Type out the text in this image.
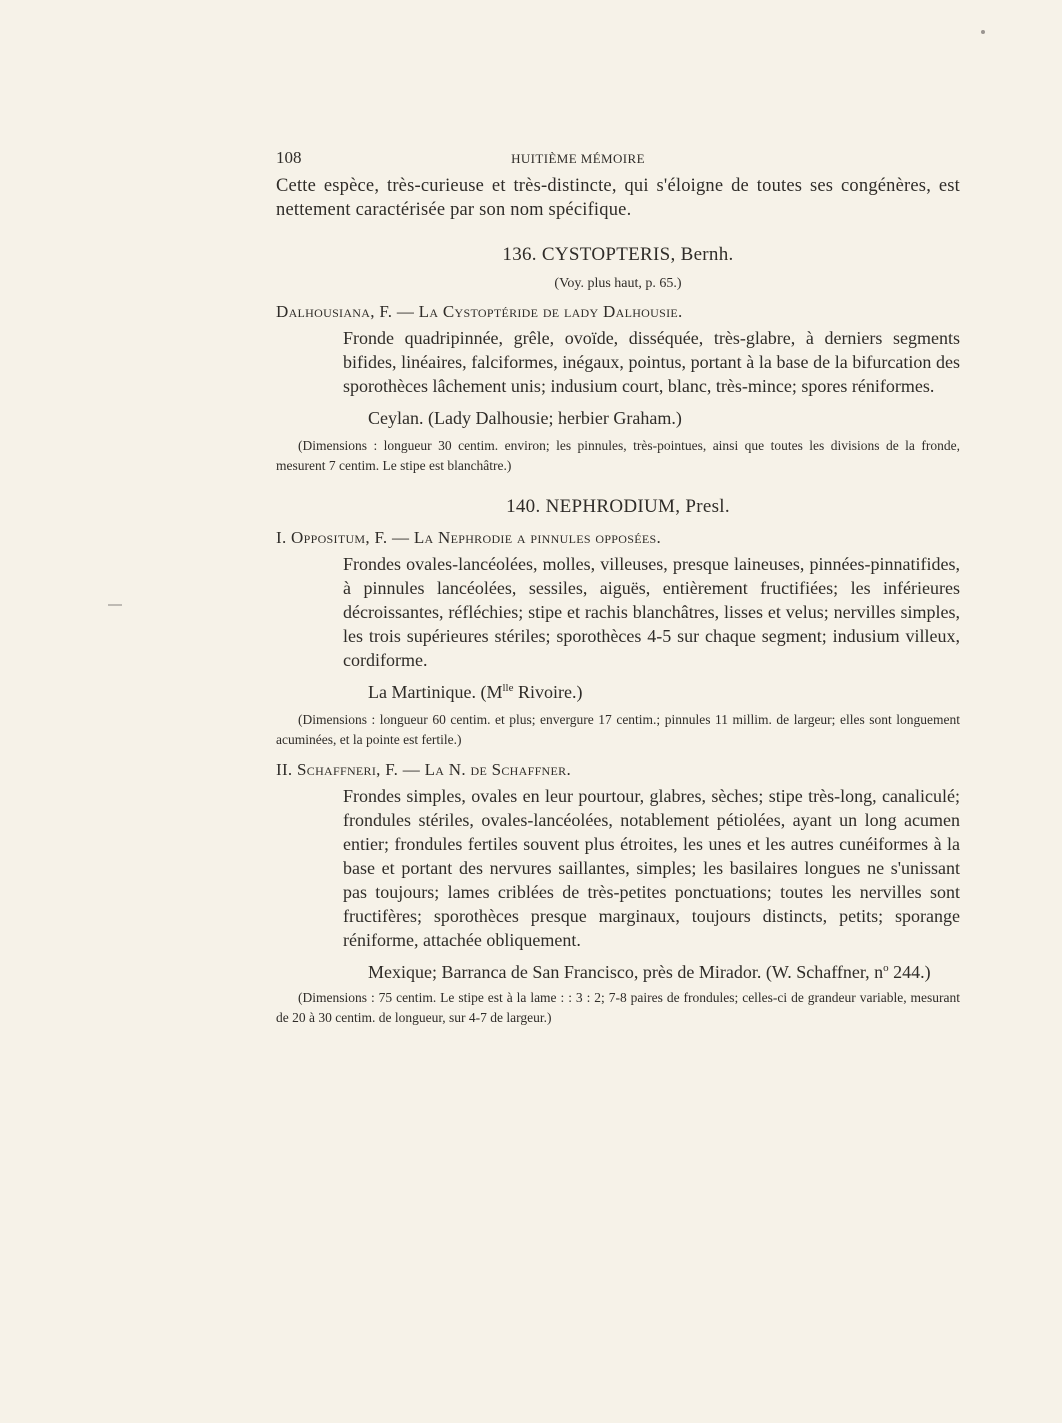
108	HUITIÈME MÉMOIRE

Cette espèce, très-curieuse et très-distincte, qui s'éloigne de toutes ses congénères, est nettement caractérisée par son nom spécifique.

136. CYSTOPTERIS, Bernh.

(Voy. plus haut, p. 65.)

Dalhousiana, F. — La Cystoptéride de lady Dalhousie.

Fronde quadripinnée, grêle, ovoïde, disséquée, très-glabre, à derniers segments bifides, linéaires, falciformes, inégaux, pointus, portant à la base de la bifurcation des sporothèces lâchement unis; indusium court, blanc, très-mince; spores réniformes.

Ceylan. (Lady Dalhousie; herbier Graham.)

(Dimensions : longueur 30 centim. environ; les pinnules, très-pointues, ainsi que toutes les divisions de la fronde, mesurent 7 centim. Le stipe est blanchâtre.)

140. NEPHRODIUM, Presl.

I. Oppositum, F. — La Nephrodie a pinnules opposées.

Frondes ovales-lancéolées, molles, villeuses, presque laineuses, pinnées-pinnatifides, à pinnules lancéolées, sessiles, aiguës, entièrement fructifiées; les inférieures décroissantes, réfléchies; stipe et rachis blanchâtres, lisses et velus; nervilles simples, les trois supérieures stériles; sporothèces 4-5 sur chaque segment; indusium villeux, cordiforme.

La Martinique. ($M^{lle}$ Rivoire.)

(Dimensions : longueur 60 centim. et plus; envergure 17 centim.; pinnules 11 millim. de largeur; elles sont longuement acuminées, et la pointe est fertile.)

II. Schaffneri, F. — La N. de Schaffner.

Frondes simples, ovales en leur pourtour, glabres, sèches; stipe très-long, canaliculé; frondules stériles, ovales-lancéolées, notablement pétiolées, ayant un long acumen entier; frondules fertiles souvent plus étroites, les unes et les autres cunéiformes à la base et portant des nervures saillantes, simples; les basilaires longues ne s'unissant pas toujours; lames criblées de très-petites ponctuations; toutes les nervilles sont fructifères; sporothèces presque marginaux, toujours distincts, petits; sporange réniforme, attachée obliquement.

Mexique; Barranca de San Francisco, près de Mirador. (W. Schaffner, $n^o$ 244.)

(Dimensions : 75 centim. Le stipe est à la lame : : 3 : 2; 7-8 paires de frondules; celles-ci de grandeur variable, mesurant de 20 à 30 centim. de longueur, sur 4-7 de largeur.)
